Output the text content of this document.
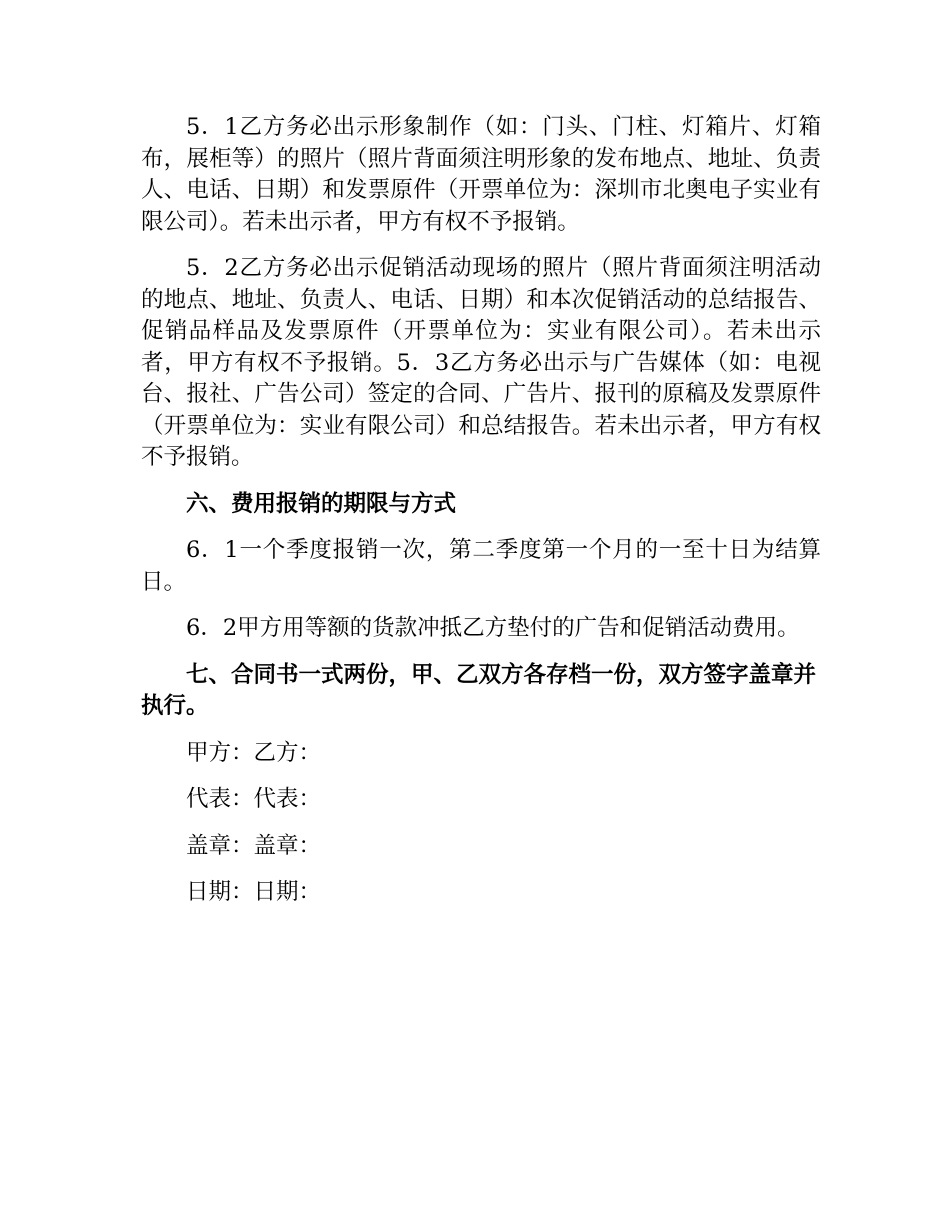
5．1乙方务必出示形象制作（如：门头、门柱、灯箱片、灯箱布，展柜等）的照片（照片背面须注明形象的发布地点、地址、负责人、电话、日期）和发票原件（开票单位为：深圳市北奥电子实业有限公司）。若未出示者，甲方有权不予报销。

5．2乙方务必出示促销活动现场的照片（照片背面须注明活动的地点、地址、负责人、电话、日期）和本次促销活动的总结报告、促销品样品及发票原件（开票单位为：实业有限公司）。若未出示者，甲方有权不予报销。5．3乙方务必出示与广告媒体（如：电视台、报社、广告公司）签定的合同、广告片、报刊的原稿及发票原件（开票单位为：实业有限公司）和总结报告。若未出示者，甲方有权不予报销。

六、费用报销的期限与方式

6．1一个季度报销一次，第二季度第一个月的一至十日为结算日。

6．2甲方用等额的货款冲抵乙方垫付的广告和促销活动费用。

七、合同书一式两份，甲、乙双方各存档一份，双方签字盖章并执行。

甲方：乙方：

代表：代表：

盖章：盖章：

日期：日期：
